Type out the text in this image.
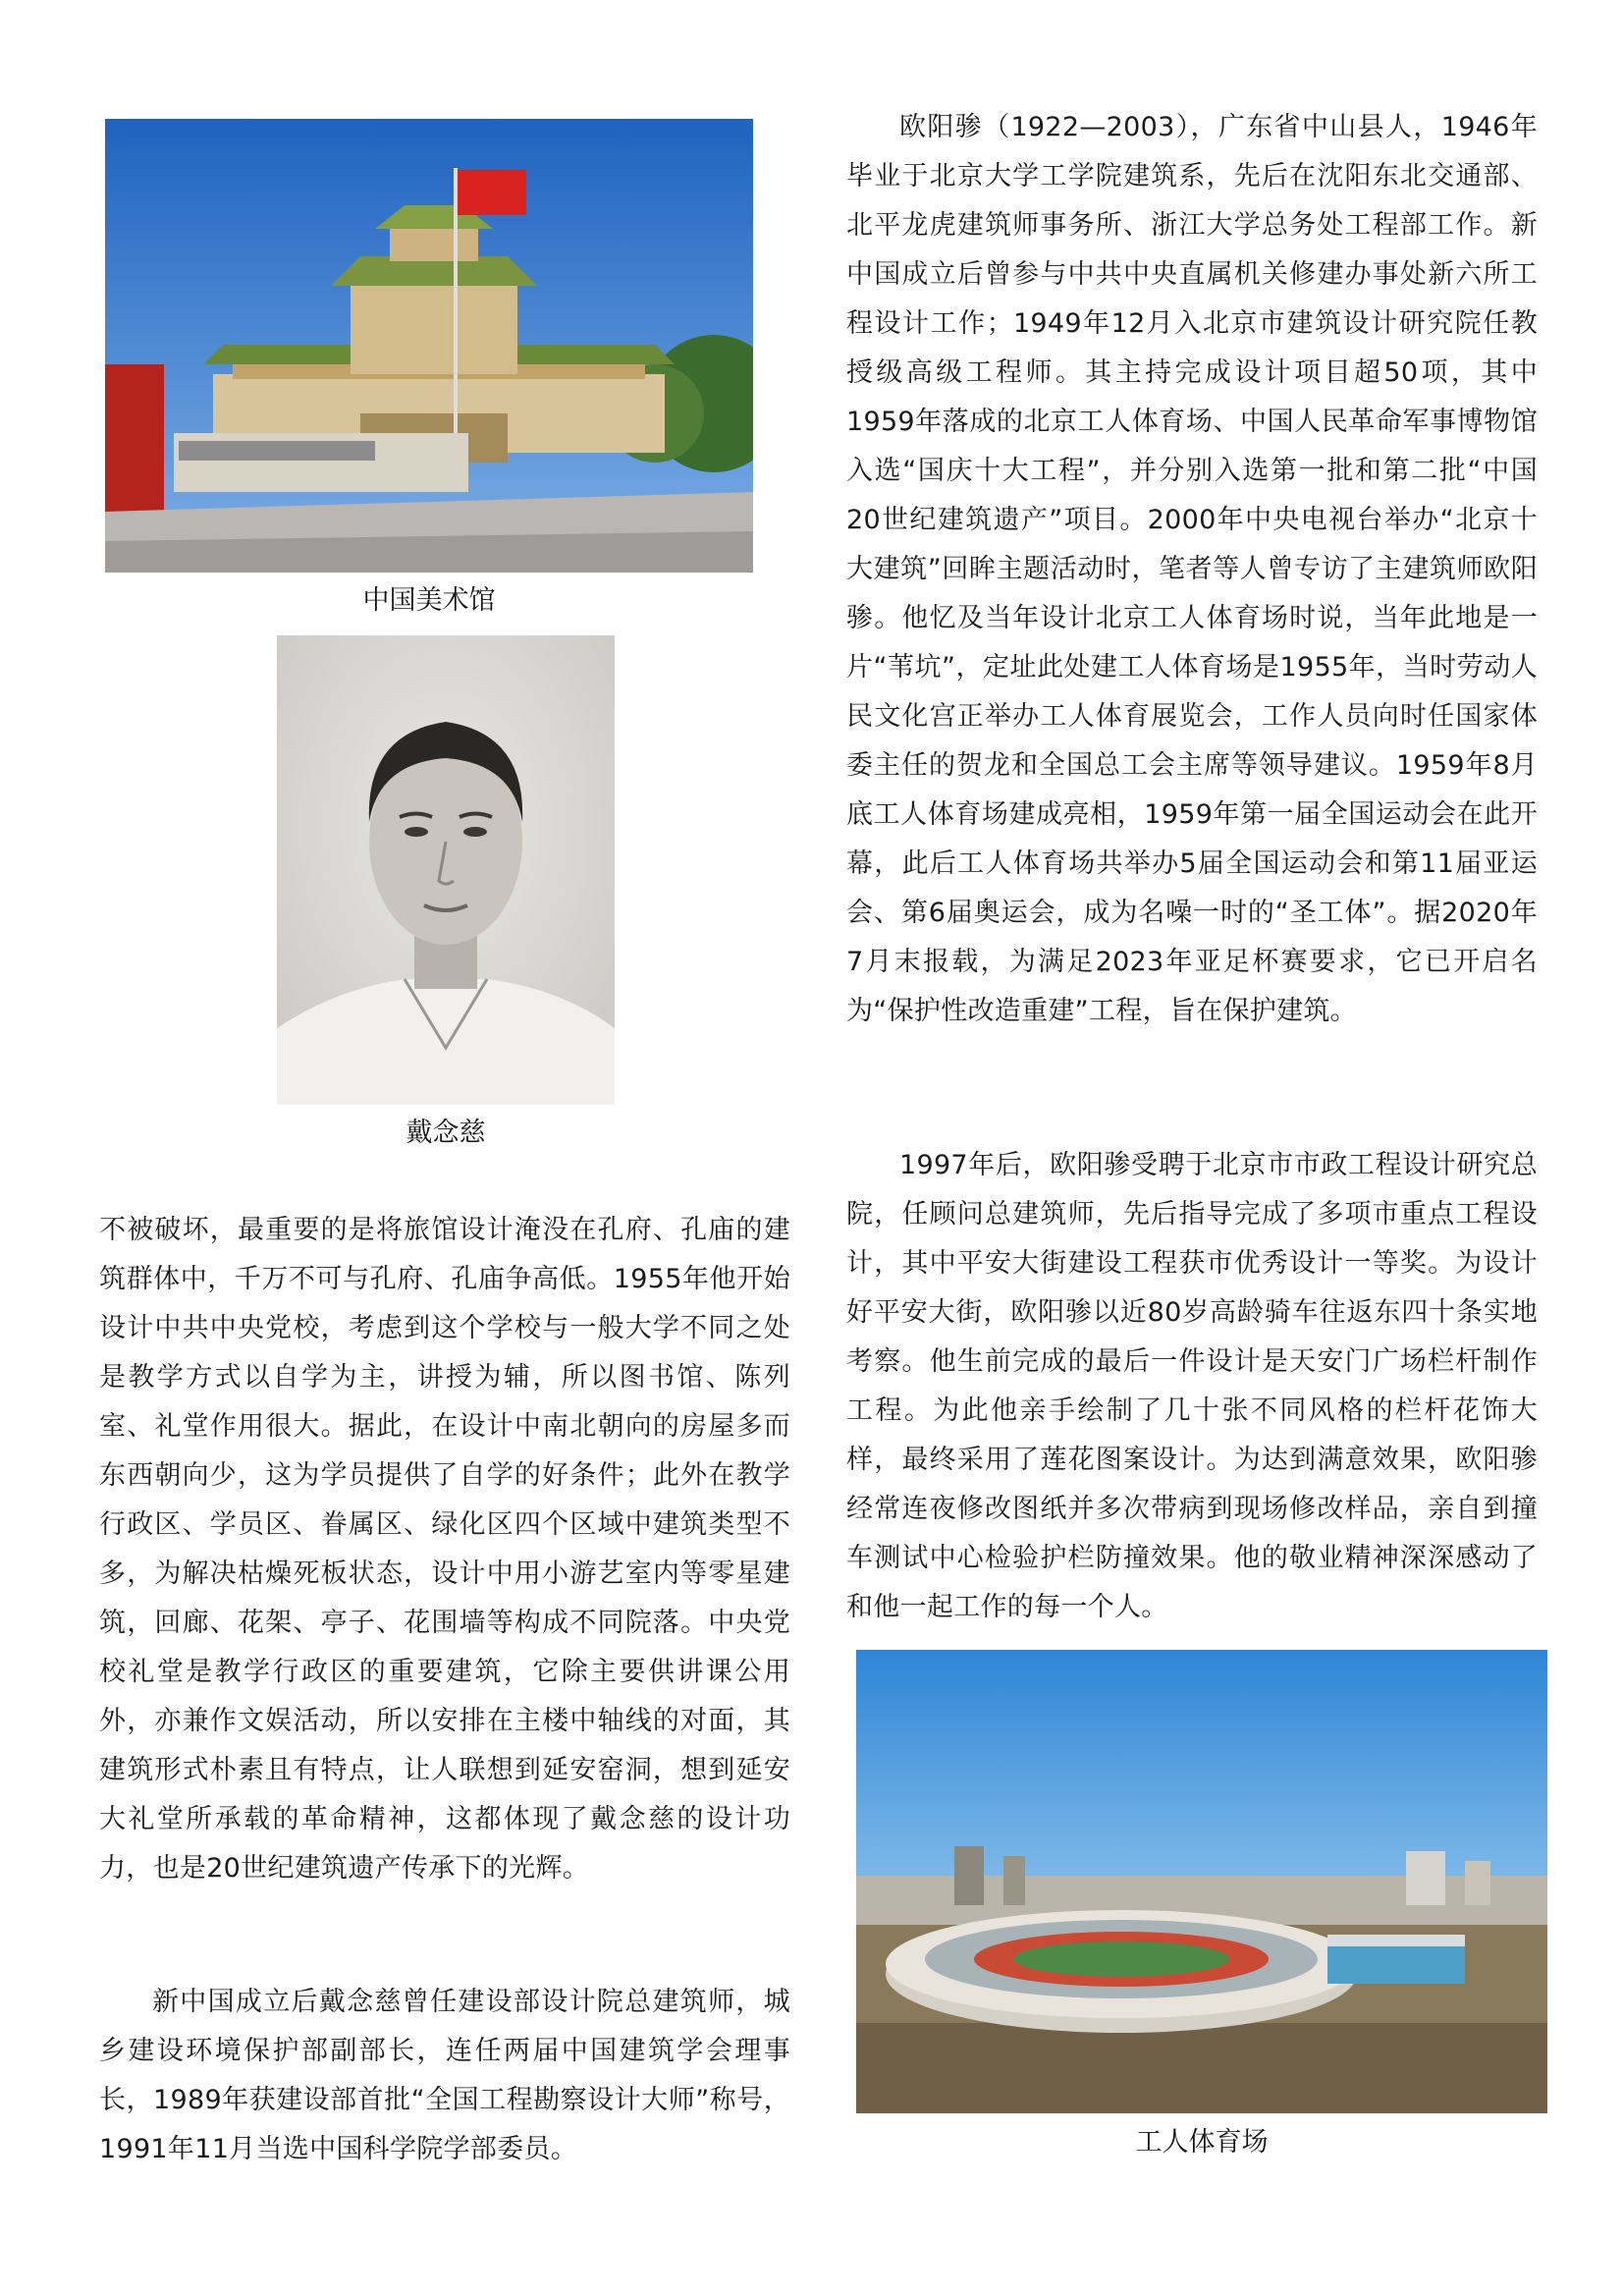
中国美术馆
戴念慈
工人体育场

欧阳骖（1922—2003），广东省中山县人，1946年毕业于北京大学工学院建筑系，先后在沈阳东北交通部、北平龙虎建筑师事务所、浙江大学总务处工程部工作。新中国成立后曾参与中共中央直属机关修建办事处新六所工程设计工作；1949年12月入北京市建筑设计研究院任教授级高级工程师。其主持完成设计项目超50项，其中1959年落成的北京工人体育场、中国人民革命军事博物馆入选“国庆十大工程”，并分别入选第一批和第二批“中国20世纪建筑遗产”项目。2000年中央电视台举办“北京十大建筑”回眸主题活动时，笔者等人曾专访了主建筑师欧阳骖。他忆及当年设计北京工人体育场时说，当年此地是一片“苇坑”，定址此处建工人体育场是1955年，当时劳动人民文化宫正举办工人体育展览会，工作人员向时任国家体委主任的贺龙和全国总工会主席等领导建议。1959年8月底工人体育场建成亮相，1959年第一届全国运动会在此开幕，此后工人体育场共举办5届全国运动会和第11届亚运会、第6届奥运会，成为名噪一时的“圣工体”。据2020年7月末报载，为满足2023年亚足杯赛要求，它已开启名为“保护性改造重建”工程，旨在保护建筑。

1997年后，欧阳骖受聘于北京市市政工程设计研究总院，任顾问总建筑师，先后指导完成了多项市重点工程设计，其中平安大街建设工程获市优秀设计一等奖。为设计好平安大街，欧阳骖以近80岁高龄骑车往返东四十条实地考察。他生前完成的最后一件设计是天安门广场栏杆制作工程。为此他亲手绘制了几十张不同风格的栏杆花饰大样，最终采用了莲花图案设计。为达到满意效果，欧阳骖经常连夜修改图纸并多次带病到现场修改样品，亲自到撞车测试中心检验护栏防撞效果。他的敬业精神深深感动了和他一起工作的每一个人。

不被破坏，最重要的是将旅馆设计淹没在孔府、孔庙的建筑群体中，千万不可与孔府、孔庙争高低。1955年他开始设计中共中央党校，考虑到这个学校与一般大学不同之处是教学方式以自学为主，讲授为辅，所以图书馆、陈列室、礼堂作用很大。据此，在设计中南北朝向的房屋多而东西朝向少，这为学员提供了自学的好条件；此外在教学行政区、学员区、眷属区、绿化区四个区域中建筑类型不多，为解决枯燥死板状态，设计中用小游艺室内等零星建筑，回廊、花架、亭子、花围墙等构成不同院落。中央党校礼堂是教学行政区的重要建筑，它除主要供讲课公用外，亦兼作文娱活动，所以安排在主楼中轴线的对面，其建筑形式朴素且有特点，让人联想到延安窑洞，想到延安大礼堂所承载的革命精神，这都体现了戴念慈的设计功力，也是20世纪建筑遗产传承下的光辉。

新中国成立后戴念慈曾任建设部设计院总建筑师，城乡建设环境保护部副部长，连任两届中国建筑学会理事长，1989年获建设部首批“全国工程勘察设计大师”称号，1991年11月当选中国科学院学部委员。
